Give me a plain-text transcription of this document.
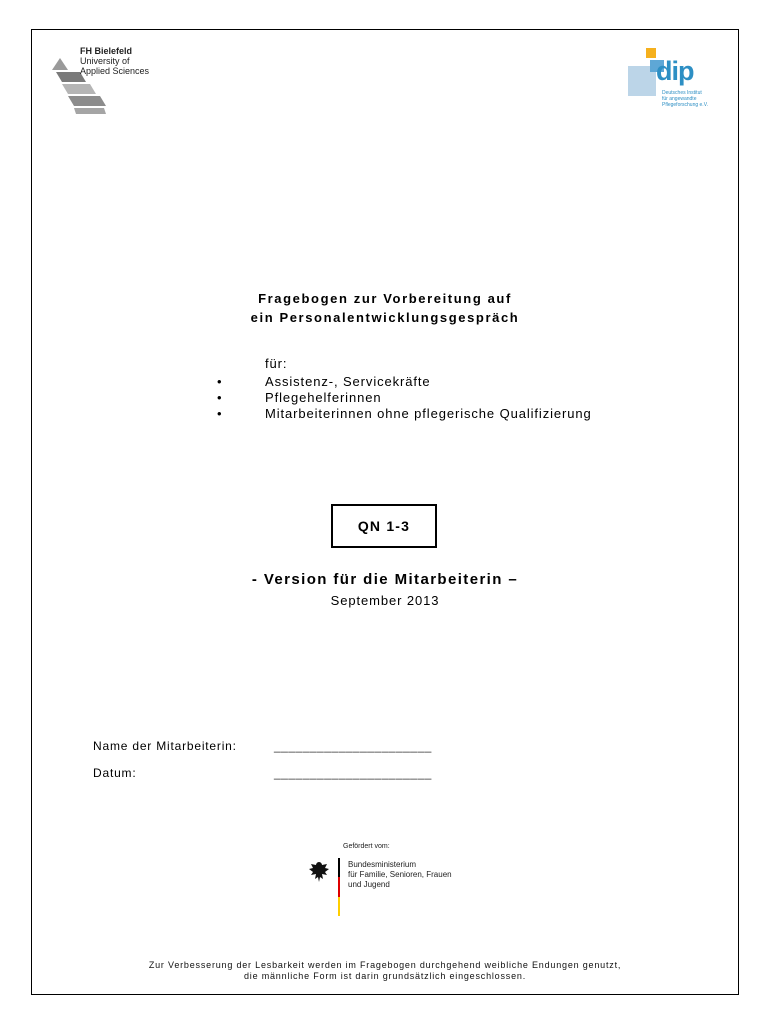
FH Bielefeld
University of
Applied Sciences	dip
Deutsches Institut
für angewandte
Pflegeforschung e.V.
Fragebogen zur Vorbereitung auf
ein Personalentwicklungsgespräch
für:
•	Assistenz-, Servicekräfte
•	Pflegehelferinnen
•	Mitarbeiterinnen ohne pflegerische Qualifizierung
QN 1-3
- Version für die Mitarbeiterin –
September 2013
Name der Mitarbeiterin:	______________________
Datum:	______________________
Gefördert vom:
Bundesministerium
für Familie, Senioren, Frauen
und Jugend
Zur Verbesserung der Lesbarkeit werden im Fragebogen durchgehend weibliche Endungen genutzt,
die männliche Form ist darin grundsätzlich eingeschlossen.
